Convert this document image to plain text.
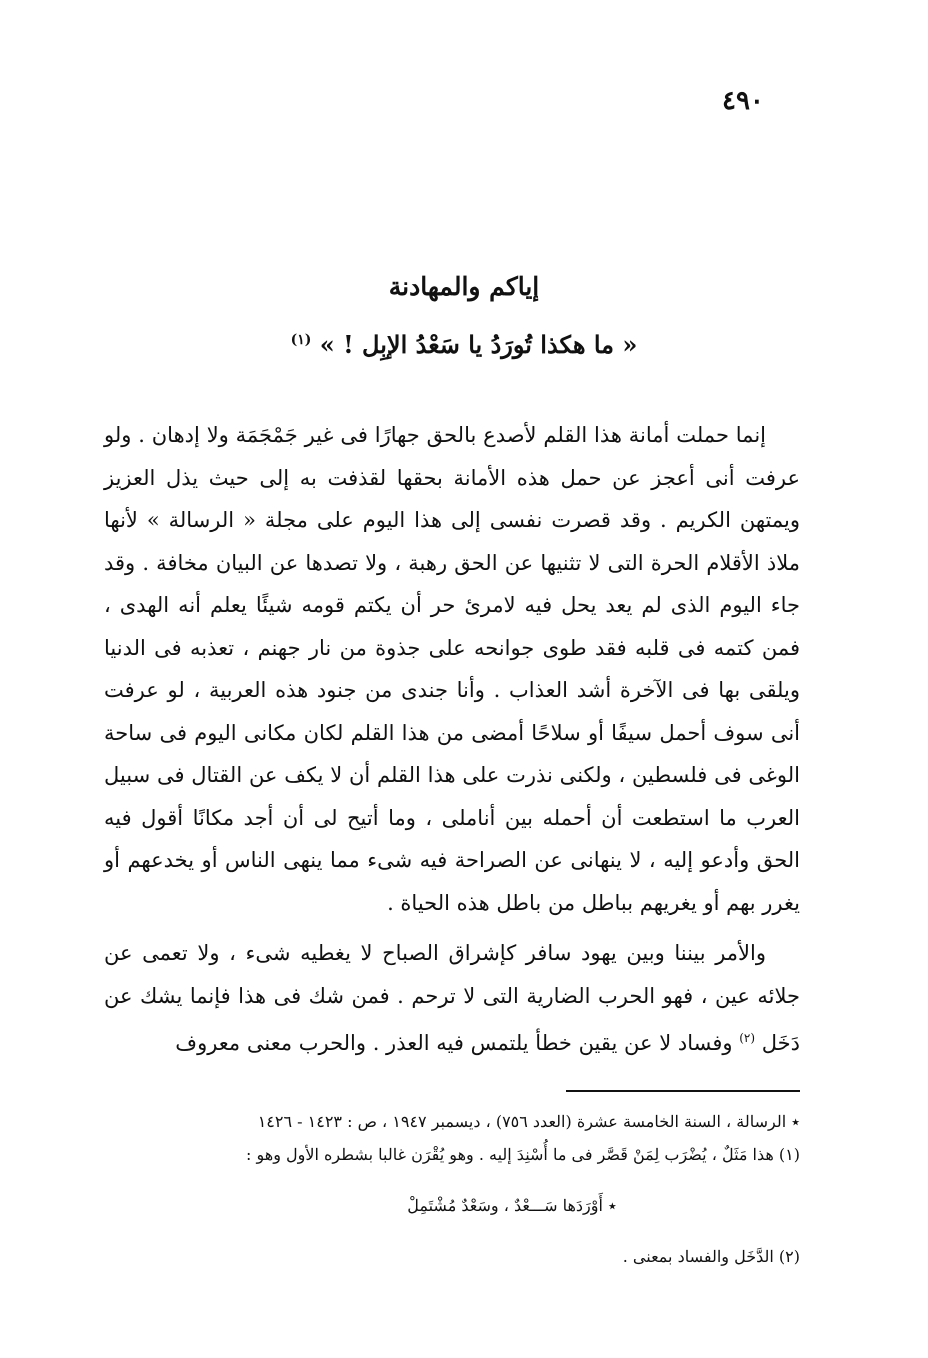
٤٩٠
إياكم والمهادنة
« ما هكذا تُورَدُ يا سَعْدُ الإبِل ! » $^{(١)}$

إنما حملت أمانة هذا القلم لأصدع بالحق جهارًا فى غير جَمْجَمَة ولا إدهان . ولو عرفت أنى أعجز عن حمل هذه الأمانة بحقها لقذفت به إلى حيث يذل العزيز ويمتهن الكريم . وقد قصرت نفسى إلى هذا اليوم على مجلة « الرسالة » لأنها ملاذ الأقلام الحرة التى لا تثنيها عن الحق رهبة ، ولا تصدها عن البيان مخافة . وقد جاء اليوم الذى لم يعد يحل فيه لامرئ حر أن يكتم قومه شيئًا يعلم أنه الهدى ، فمن كتمه فى قلبه فقد طوى جوانحه على جذوة من نار جهنم ، تعذبه فى الدنيا ويلقى بها فى الآخرة أشد العذاب . وأنا جندى من جنود هذه العربية ، لو عرفت أنى سوف أحمل سيفًا أو سلاحًا أمضى من هذا القلم لكان مكانى اليوم فى ساحة الوغى فى فلسطين ، ولكنى نذرت على هذا القلم أن لا يكف عن القتال فى سبيل العرب ما استطعت أن أحمله بين أناملى ، وما أتيح لى أن أجد مكانًا أقول فيه الحق وأدعو إليه ، لا ينهانى عن الصراحة فيه شىء مما ينهى الناس أو يخدعهم أو يغرر بهم أو يغريهم بباطل من باطل هذه الحياة .

والأمر بيننا وبين يهود سافر كإشراق الصباح لا يغطيه شىء ، ولا تعمى عن جلائه عين ، فهو الحرب الضارية التى لا ترحم . فمن شك فى هذا فإنما يشك عن دَخَل $^{(٢)}$ وفساد لا عن يقين خطأ يلتمس فيه العذر . والحرب معنى معروف

٭ الرسالة ، السنة الخامسة عشرة (العدد ٧٥٦) ، ديسمبر ١٩٤٧ ، ص : ١٤٢٣ - ١٤٢٦

(١) هذا مَثَلٌ ، يُضْرَب لِمَنْ قَصَّر فى ما أُسْنِدَ إليه . وهو يُقْرَن غالبا بشطره الأول وهو :

٭ أَوْرَدَها سَـــعْدٌ ، وسَعْدٌ مُشْتَمِلْ

(٢) الدَّخَل والفساد بمعنى .
